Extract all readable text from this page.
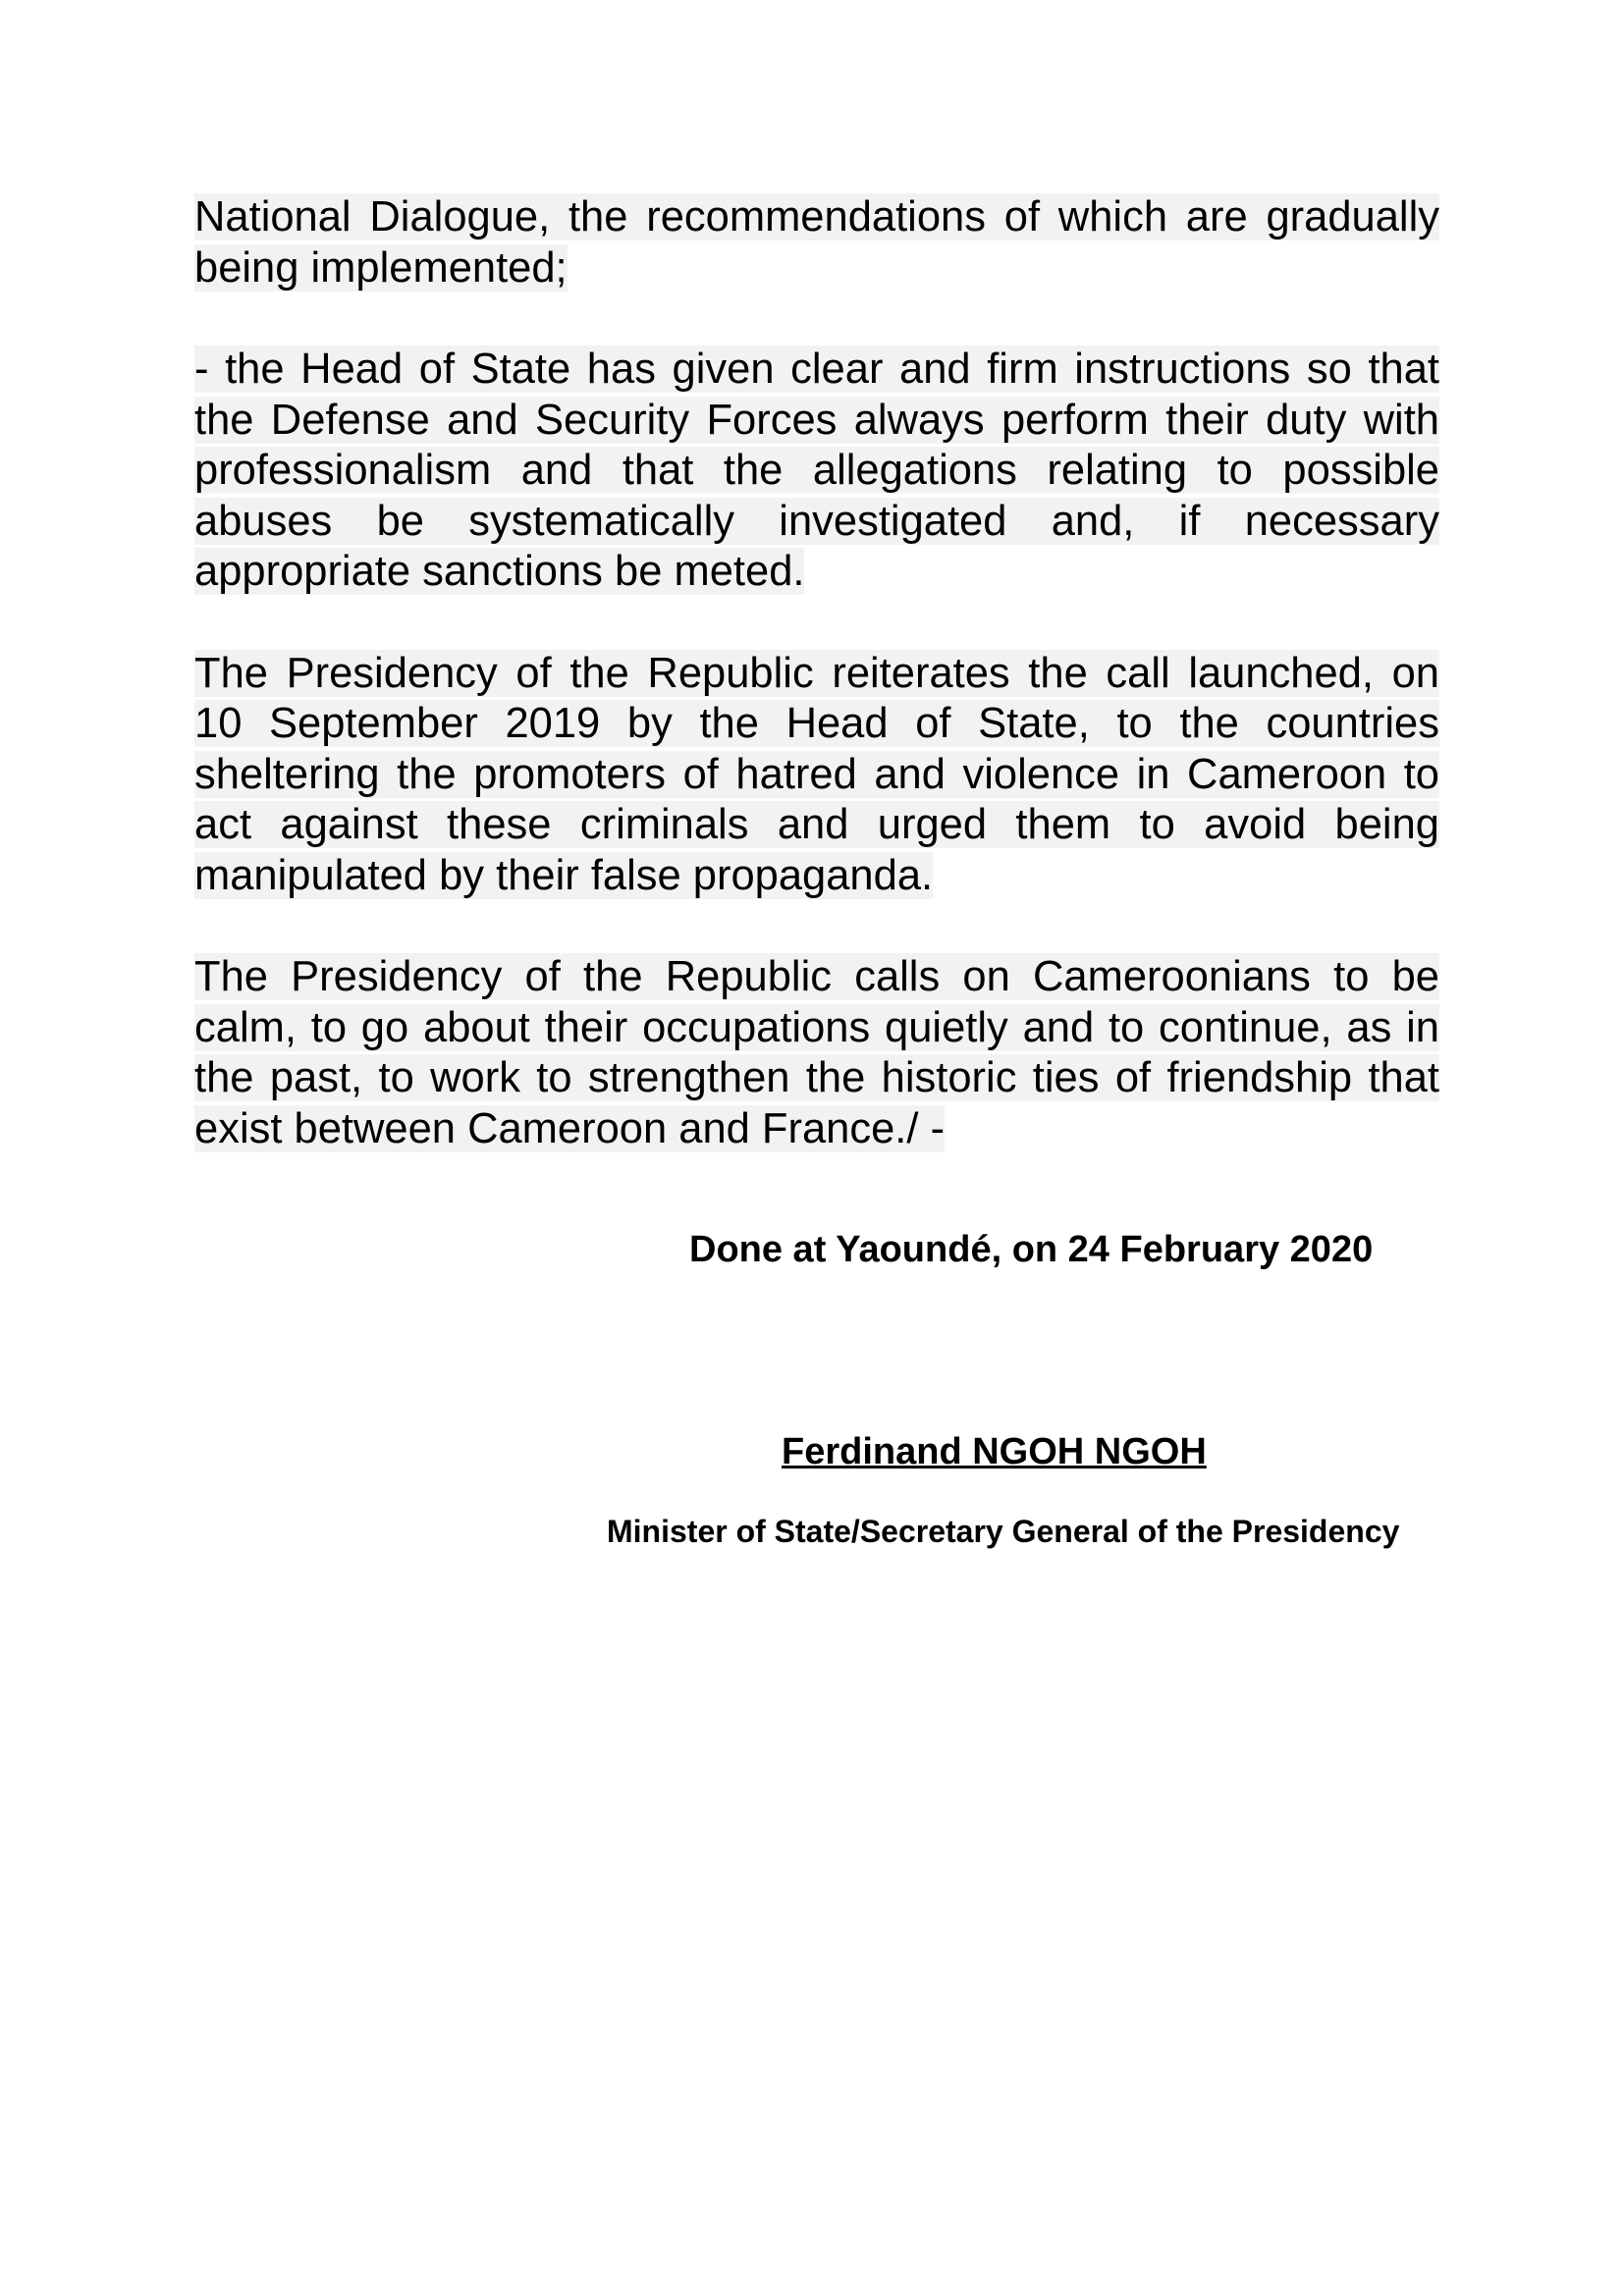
National Dialogue, the recommendations of which are gradually being implemented;

- the Head of State has given clear and firm instructions so that the Defense and Security Forces always perform their duty with professionalism and that the allegations relating to possible abuses be systematically investigated and, if necessary appropriate sanctions be meted.

The Presidency of the Republic reiterates the call launched, on 10 September 2019 by the Head of State, to the countries sheltering the promoters of hatred and violence in Cameroon to act against these criminals and urged them to avoid being manipulated by their false propaganda.

The Presidency of the Republic calls on Cameroonians to be calm, to go about their occupations quietly and to continue, as in the past, to work to strengthen the historic ties of friendship that exist between Cameroon and France./ -

Done at Yaoundé, on 24 February 2020
Ferdinand NGOH NGOH
Minister of State/Secretary General of the Presidency
